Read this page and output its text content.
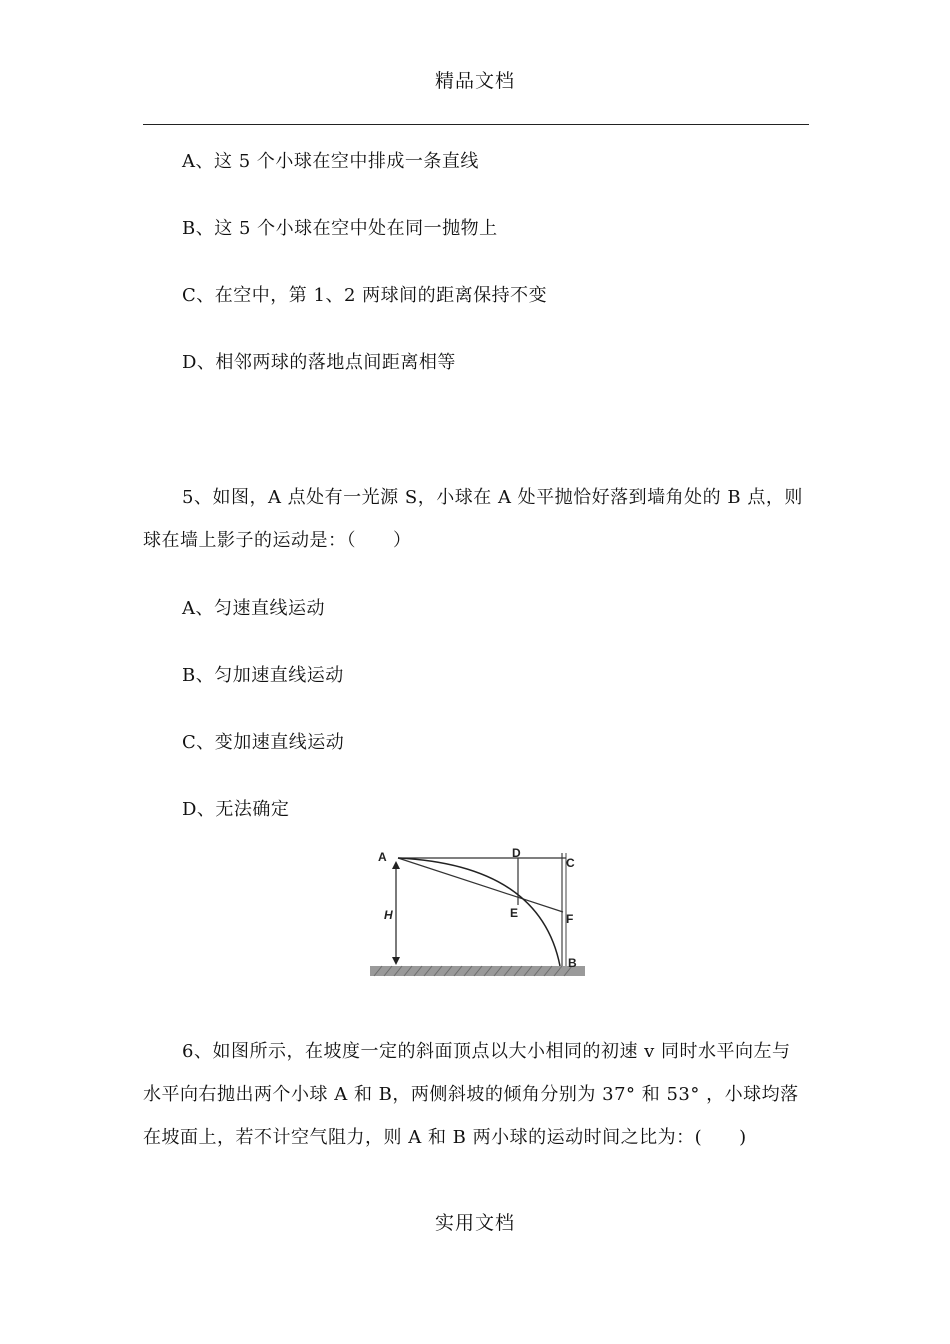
精品文档
A、这 5 个小球在空中排成一条直线
B、这 5 个小球在空中处在同一抛物上
C、在空中，第 1、2 两球间的距离保持不变
D、相邻两球的落地点间距离相等
5、如图，A 点处有一光源 S，小球在 A 处平抛恰好落到墙角处的 B 点，则
球在墙上影子的运动是：（　　）
A、匀速直线运动
B、匀加速直线运动
C、变加速直线运动
D、无法确定
A	D
C
E	F
B
H
6、如图所示，在坡度一定的斜面顶点以大小相同的初速 v 同时水平向左与
水平向右抛出两个小球 A 和 B，两侧斜坡的倾角分别为 37° 和 53° ，小球均落
在坡面上，若不计空气阻力，则 A 和 B 两小球的运动时间之比为：(　　)
实用文档
